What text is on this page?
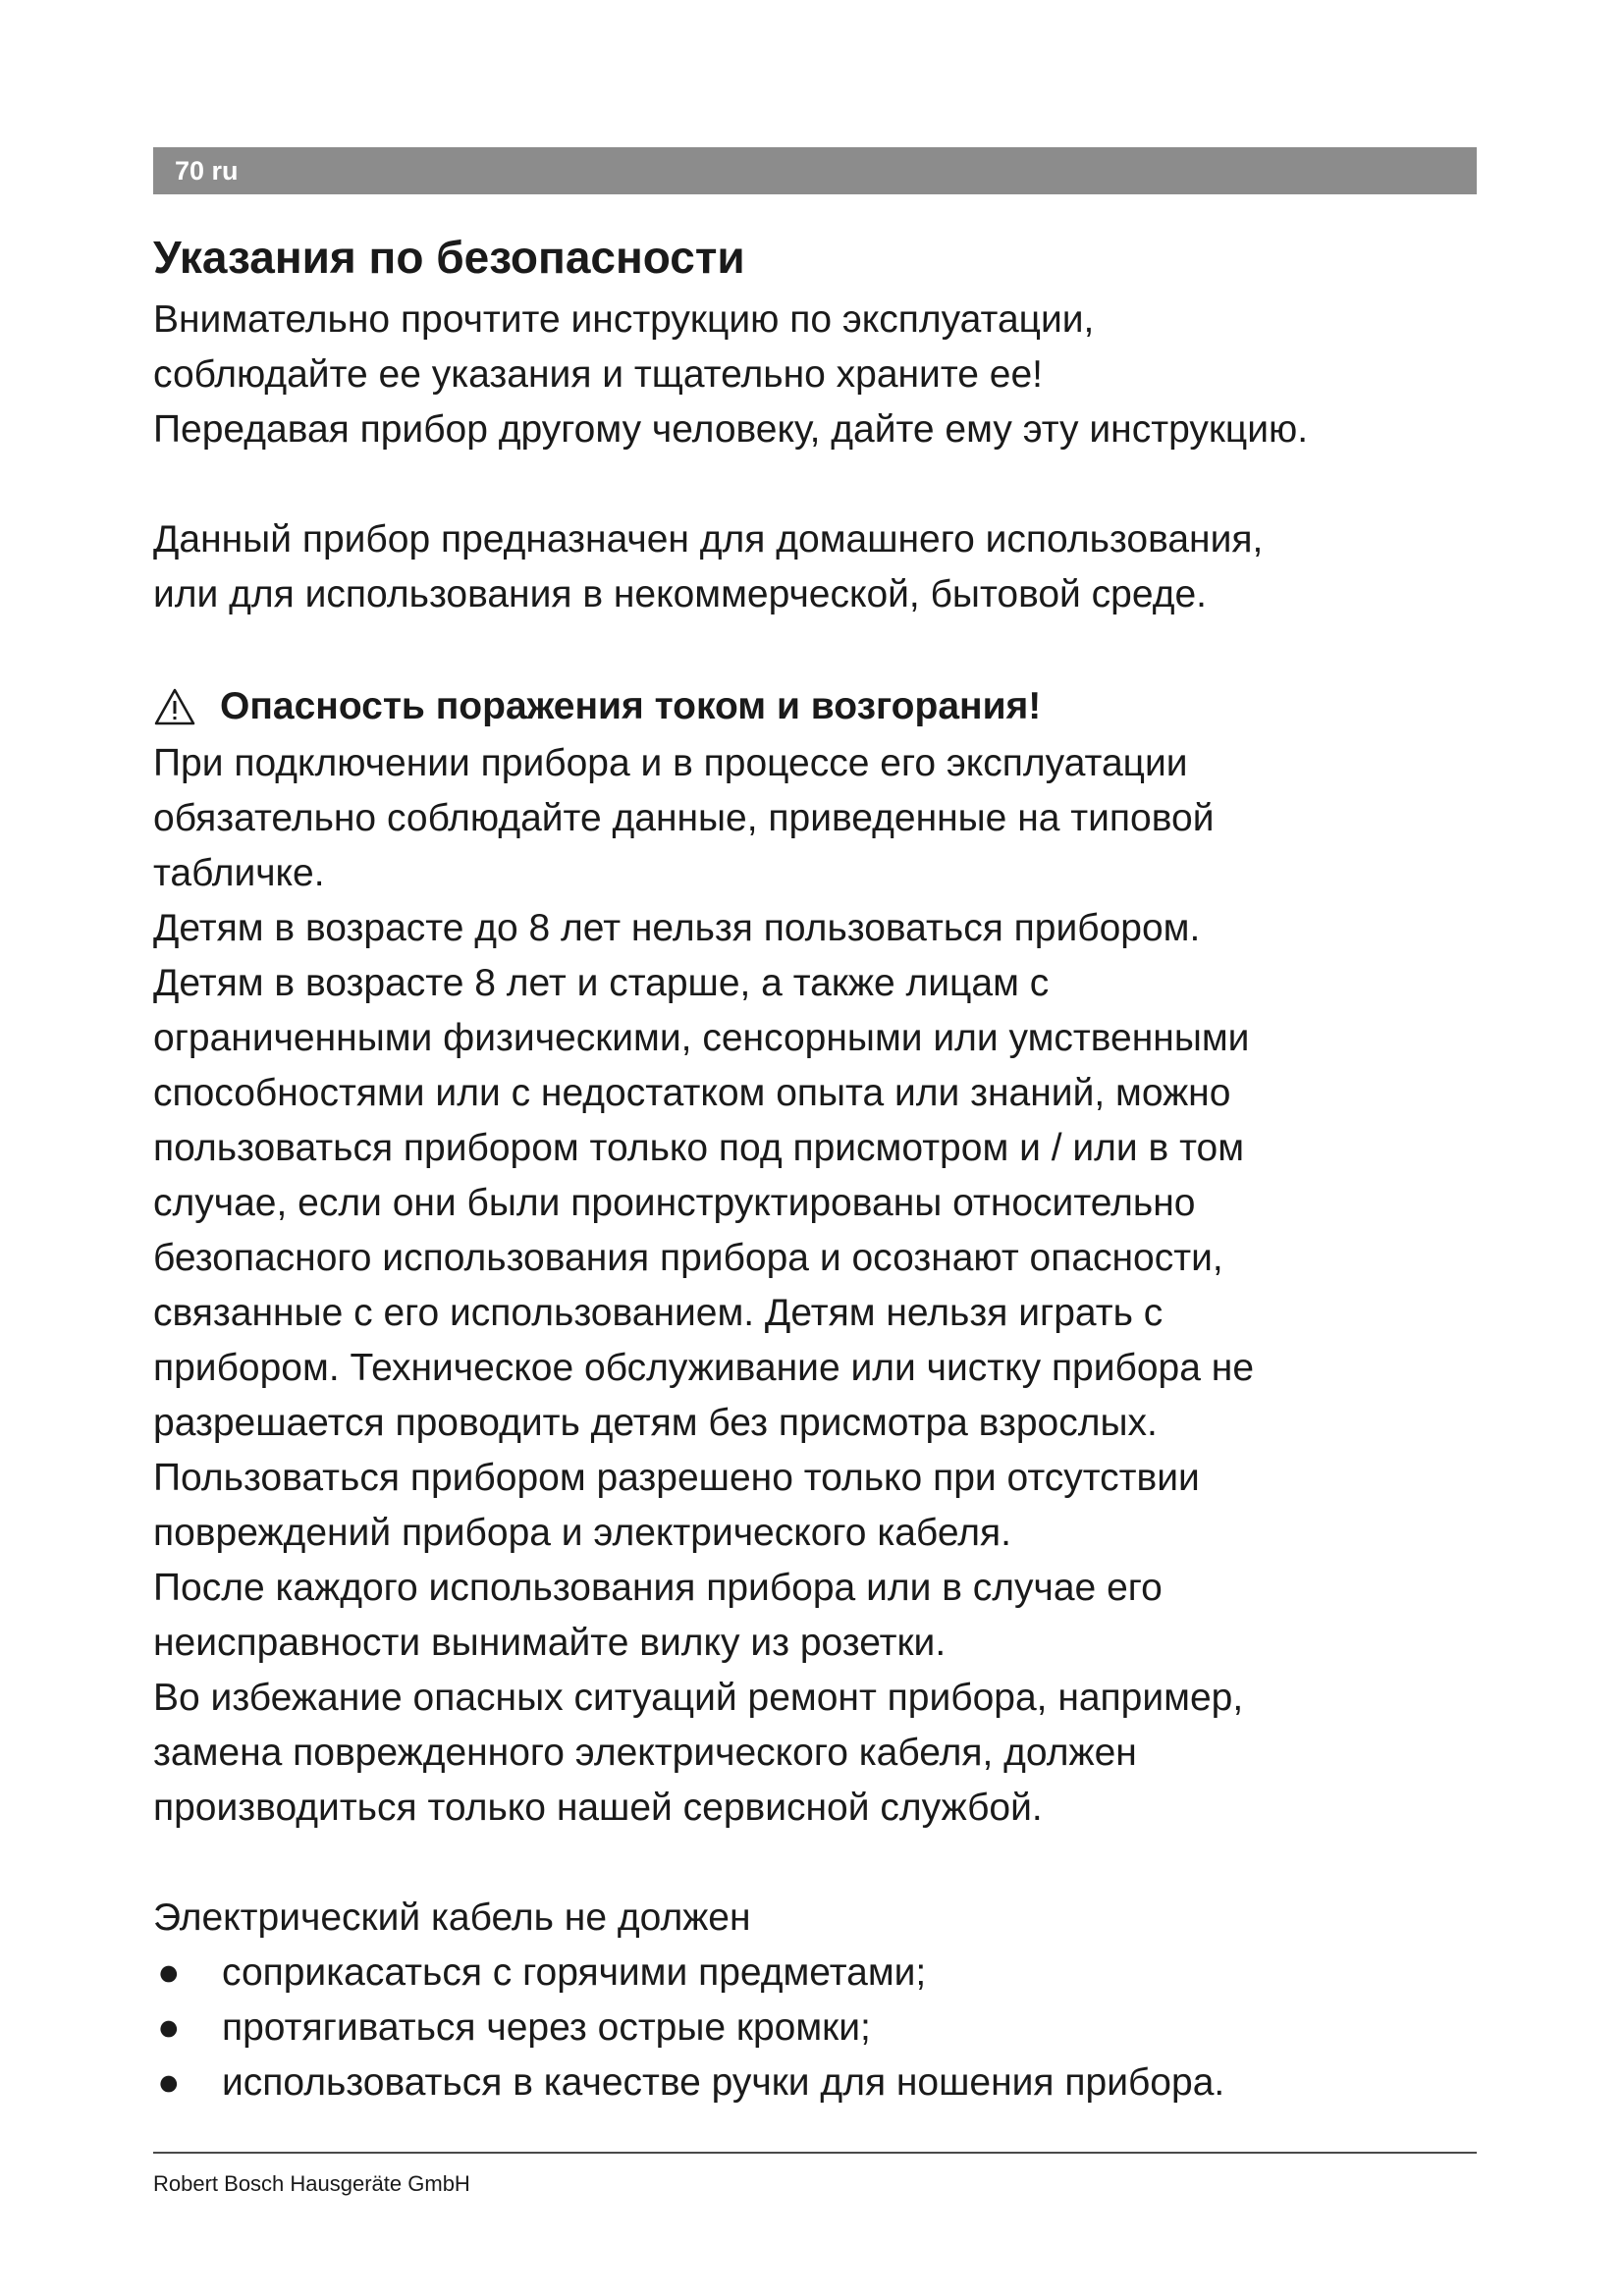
70 ru
Указания по безопасности

Внимательно прочтите инструкцию по эксплуатации,

соблюдайте ее указания и тщательно храните ее!

Передавая прибор другому человеку, дайте ему эту инструкцию.

Данный прибор предназначен для домашнего использования,

или для использования в некоммерческой, бытовой среде.

Опасность поражения током и возгорания!

При подключении прибора и в процессе его эксплуатации

обязательно соблюдайте данные, приведенные на типовой

табличке.

Детям в возрасте до 8 лет нельзя пользоваться прибором.

Детям в возрасте 8 лет и старше, а также лицам с

ограниченными физическими, сенсорными или умственными

способностями или с недостатком опыта или знаний, можно

пользоваться прибором только под присмотром и / или в том

случае, если они были проинструктированы относительно

безопасного использования прибора и осознают опасности,

связанные с его использованием. Детям нельзя играть с

прибором. Техническое обслуживание или чистку прибора не

разрешается проводить детям без присмотра взрослых.

Пользоваться прибором разрешено только при отсутствии

повреждений прибора и электрического кабеля.

После каждого использования прибора или в случае его

неисправности вынимайте вилку из розетки.

Во избежание опасных ситуаций ремонт прибора, например,

замена поврежденного электрического кабеля, должен

производиться только нашей сервисной службой.

Электрический кабель не должен

●	соприкасаться с горячими предметами;
●	протягиваться через острые кромки;
●	использоваться в качестве ручки для ношения прибора.
Robert Bosch Hausgeräte GmbH
